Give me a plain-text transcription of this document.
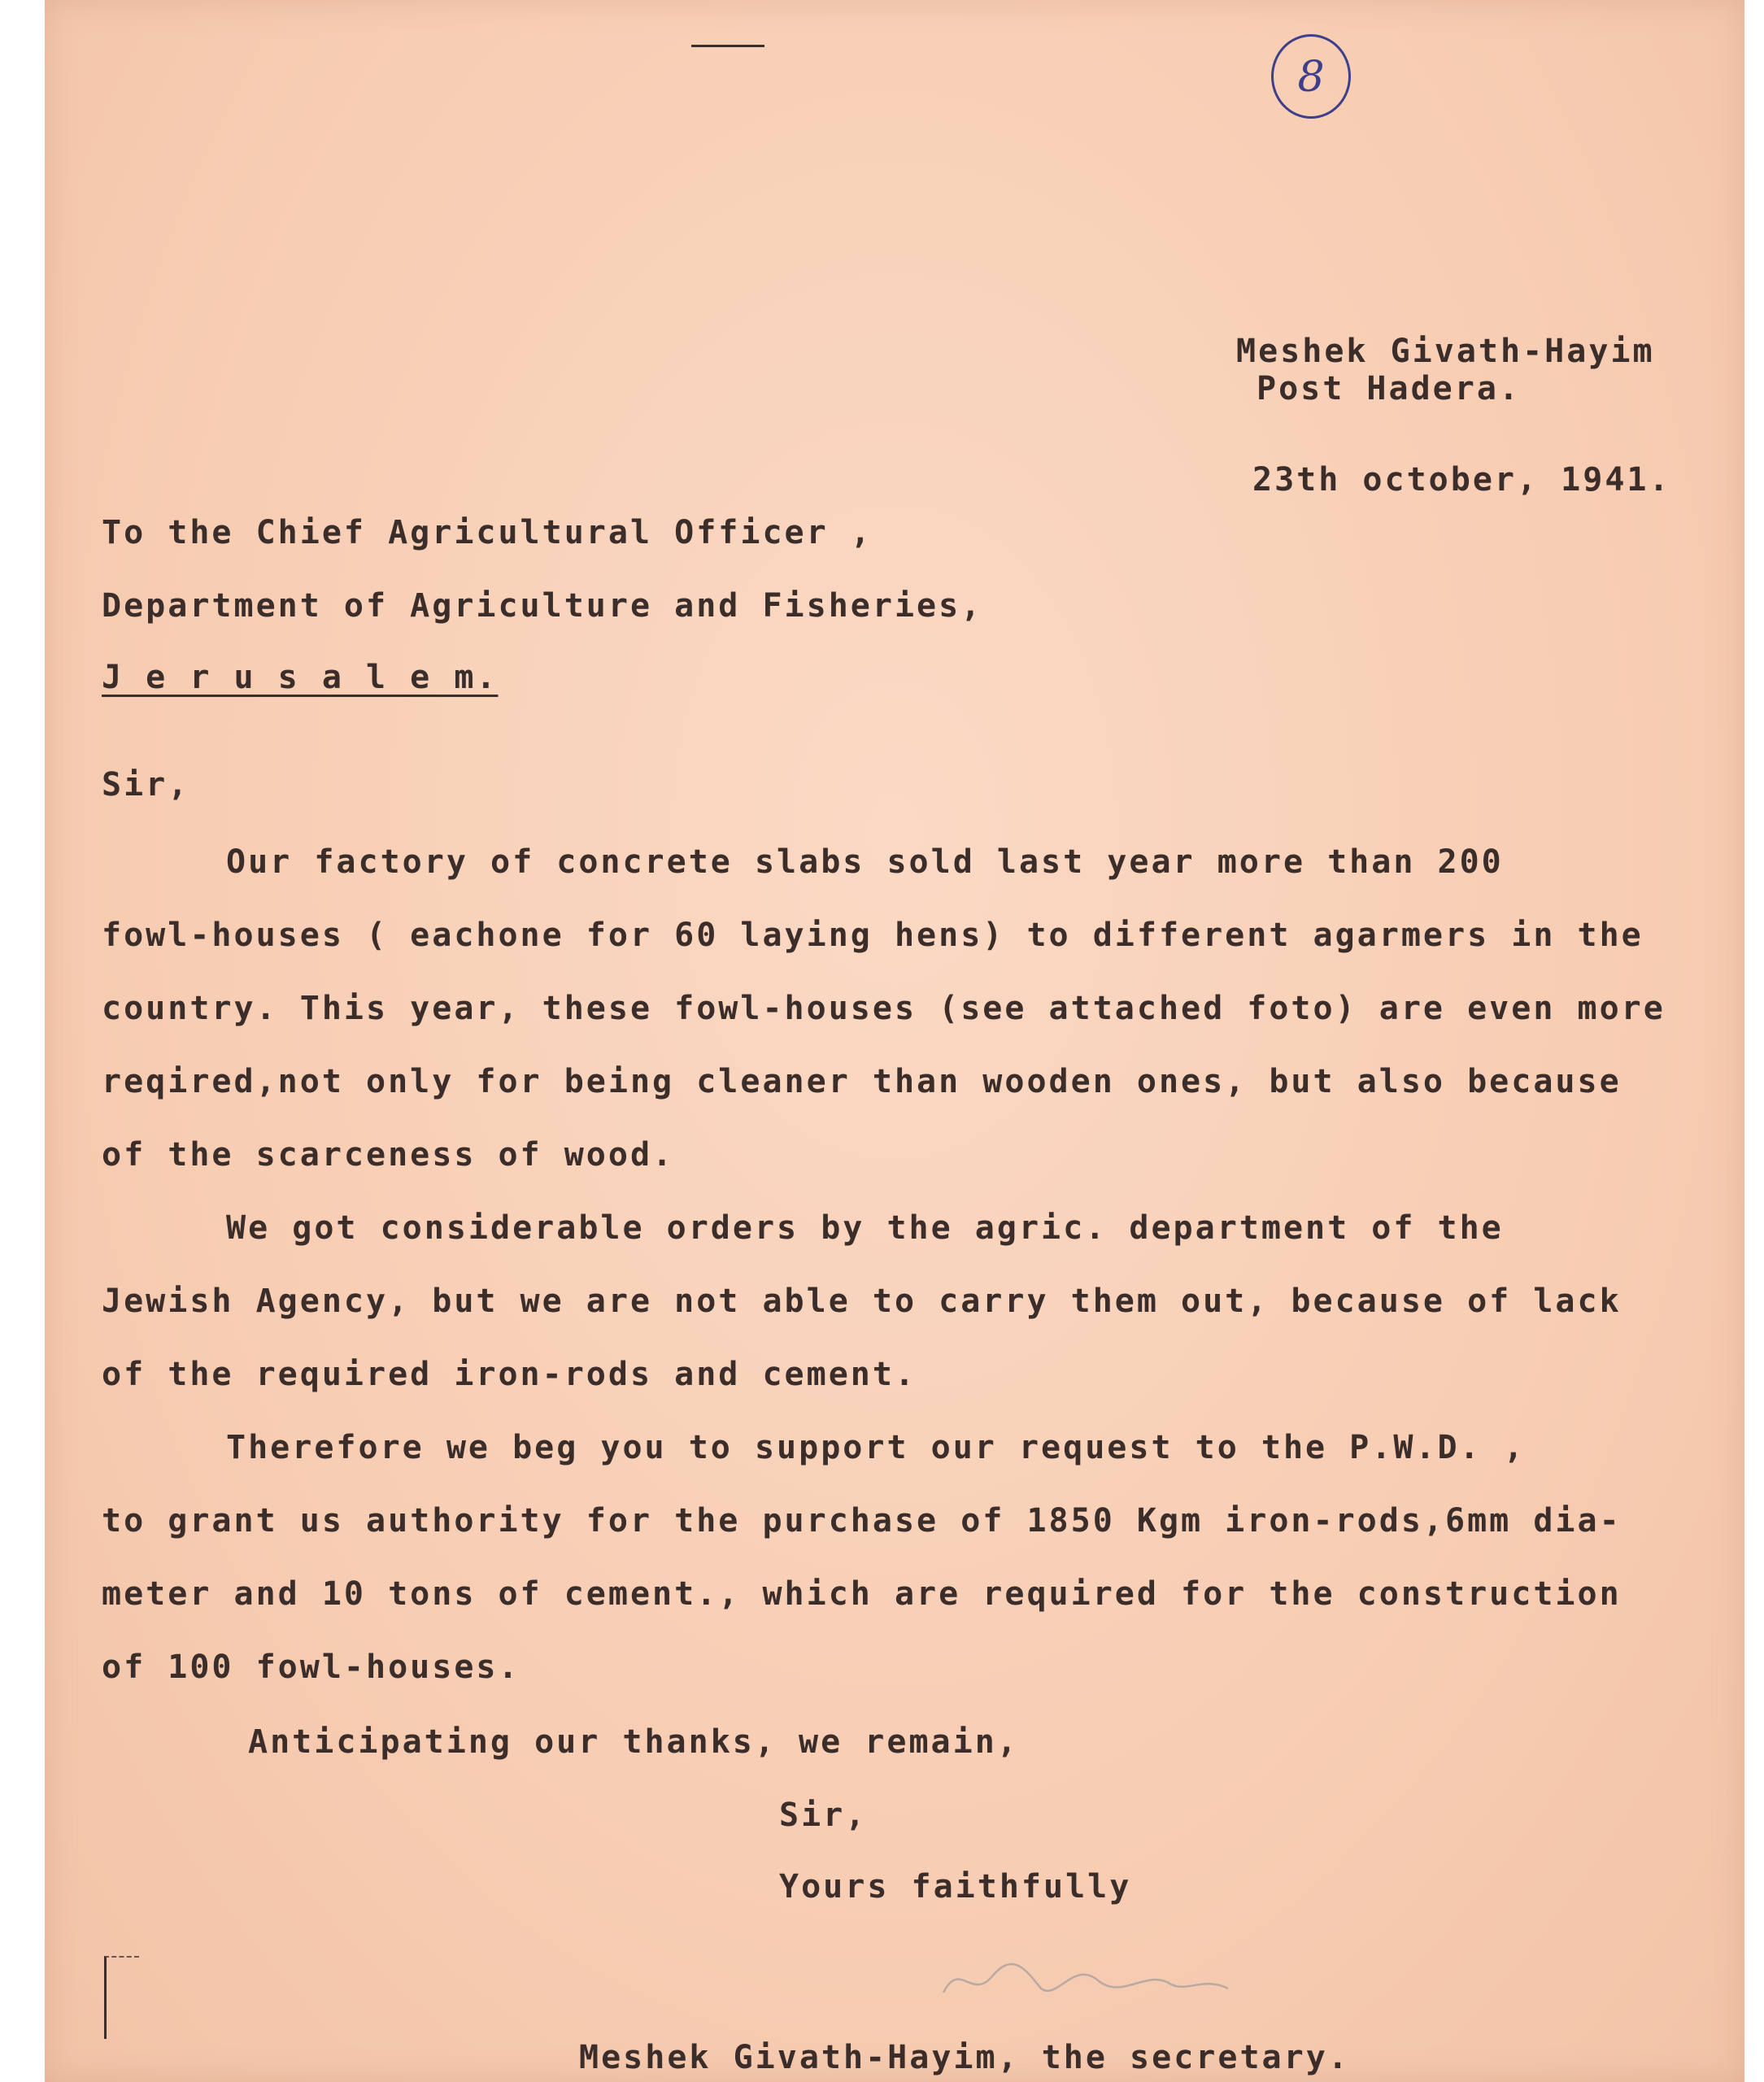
8
Meshek Givath-Hayim
Post Hadera.
23th october, 1941.
To the Chief Agricultural Officer ,
Department of Agriculture and Fisheries,
J e r u s a l e m.
Sir,
Our factory of concrete slabs sold last year more than 200
fowl-houses ( eachone for 60 laying hens) to different agarmers in the
country. This year, these fowl-houses (see attached foto) are even more
reqired,not only for being cleaner than wooden ones, but also because
of the scarceness of wood.
We got considerable orders by the agric. department of the
Jewish Agency, but we are not able to carry them out, because of lack
of the required iron-rods and cement.
Therefore we beg you to support our request to the P.W.D. ,
to grant us authority for the purchase of 1850 Kgm iron-rods,6mm dia-
meter and 10 tons of cement., which are required for the construction
of 100 fowl-houses.
Anticipating our thanks, we remain,
Sir,
Yours faithfully
Meshek Givath-Hayim, the secretary.
